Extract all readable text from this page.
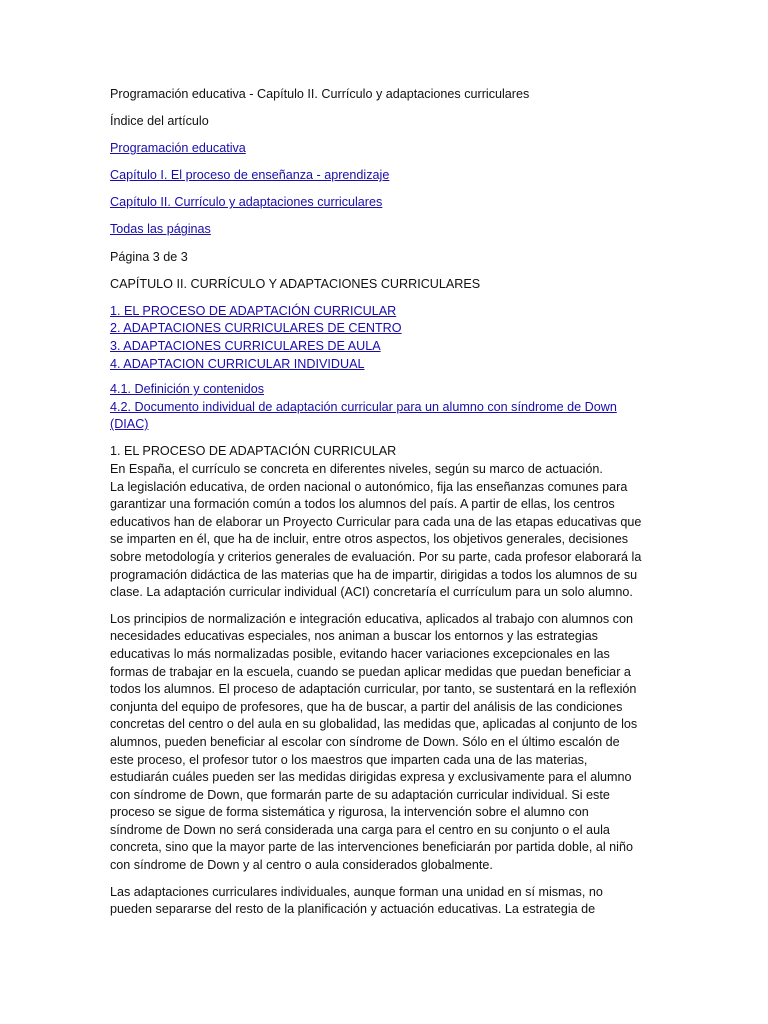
Programación educativa - Capítulo II. Currículo y adaptaciones curriculares

Índice del artículo

Programación educativa

Capítulo I. El proceso de enseñanza - aprendizaje

Capítulo II. Currículo y adaptaciones curriculares

Todas las páginas

Página 3 de 3

CAPÍTULO II. CURRÍCULO Y ADAPTACIONES CURRICULARES

1. EL PROCESO DE ADAPTACIÓN CURRICULAR

2. ADAPTACIONES CURRICULARES DE CENTRO

3. ADAPTACIONES CURRICULARES DE AULA

4. ADAPTACION CURRICULAR INDIVIDUAL

4.1. Definición y contenidos

4.2. Documento individual de adaptación curricular para un alumno con síndrome de Down

(DIAC)

1. EL PROCESO DE ADAPTACIÓN CURRICULAR

En España, el currículo se concreta en diferentes niveles, según su marco de actuación.
La legislación educativa, de orden nacional o autonómico, fija las enseñanzas comunes para
garantizar una formación común a todos los alumnos del país. A partir de ellas, los centros
educativos han de elaborar un Proyecto Curricular para cada una de las etapas educativas que
se imparten en él, que ha de incluir, entre otros aspectos, los objetivos generales, decisiones
sobre metodología y criterios generales de evaluación. Por su parte, cada profesor elaborará la
programación didáctica de las materias que ha de impartir, dirigidas a todos los alumnos de su
clase. La adaptación curricular individual (ACI) concretaría el currículum para un solo alumno.
Los principios de normalización e integración educativa, aplicados al trabajo con alumnos con
necesidades educativas especiales, nos animan a buscar los entornos y las estrategias
educativas lo más normalizadas posible, evitando hacer variaciones excepcionales en las
formas de trabajar en la escuela, cuando se puedan aplicar medidas que puedan beneficiar a
todos los alumnos. El proceso de adaptación curricular, por tanto, se sustentará en la reflexión
conjunta del equipo de profesores, que ha de buscar, a partir del análisis de las condiciones
concretas del centro o del aula en su globalidad, las medidas que, aplicadas al conjunto de los
alumnos, pueden beneficiar al escolar con síndrome de Down. Sólo en el último escalón de
este proceso, el profesor tutor o los maestros que imparten cada una de las materias,
estudiarán cuáles pueden ser las medidas dirigidas expresa y exclusivamente para el alumno
con síndrome de Down, que formarán parte de su adaptación curricular individual. Si este
proceso se sigue de forma sistemática y rigurosa, la intervención sobre el alumno con
síndrome de Down no será considerada una carga para el centro en su conjunto o el aula
concreta, sino que la mayor parte de las intervenciones beneficiarán por partida doble, al niño
con síndrome de Down y al centro o aula considerados globalmente.
Las adaptaciones curriculares individuales, aunque forman una unidad en sí mismas, no
pueden separarse del resto de la planificación y actuación educativas. La estrategia de
